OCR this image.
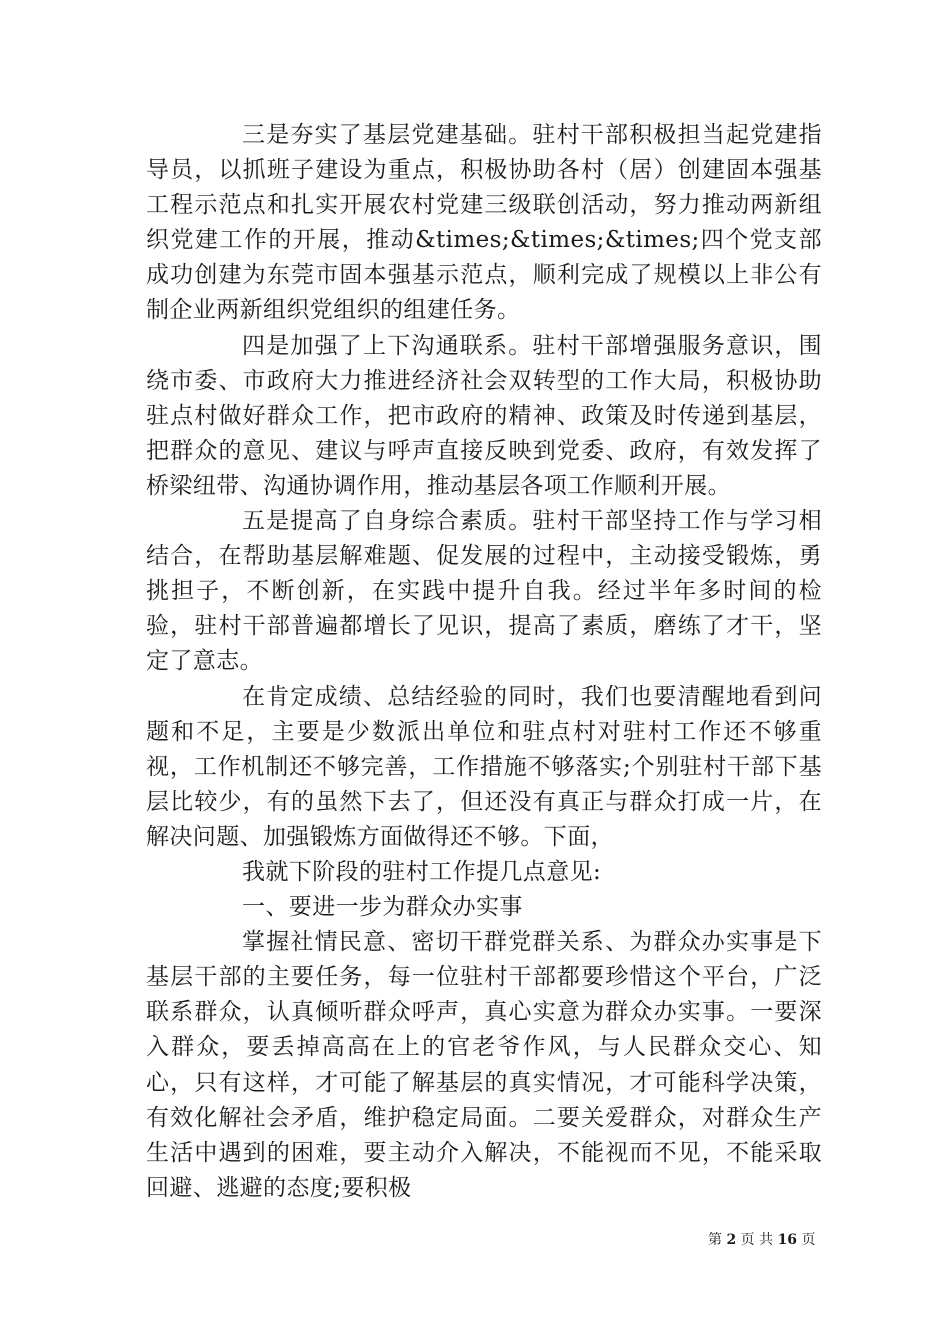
三是夯实了基层党建基础。驻村干部积极担当起党建指导员，以抓班子建设为重点，积极协助各村（居）创建固本强基工程示范点和扎实开展农村党建三级联创活动，努力推动两新组织党建工作的开展，推动&times;&times;&times;四个党支部成功创建为东莞市固本强基示范点，顺利完成了规模以上非公有制企业两新组织党组织的组建任务。

四是加强了上下沟通联系。驻村干部增强服务意识，围绕市委、市政府大力推进经济社会双转型的工作大局，积极协助驻点村做好群众工作，把市政府的精神、政策及时传递到基层，把群众的意见、建议与呼声直接反映到党委、政府，有效发挥了桥梁纽带、沟通协调作用，推动基层各项工作顺利开展。

五是提高了自身综合素质。驻村干部坚持工作与学习相结合，在帮助基层解难题、促发展的过程中，主动接受锻炼，勇挑担子，不断创新，在实践中提升自我。经过半年多时间的检验，驻村干部普遍都增长了见识，提高了素质，磨练了才干，坚定了意志。

在肯定成绩、总结经验的同时，我们也要清醒地看到问题和不足，主要是少数派出单位和驻点村对驻村工作还不够重视，工作机制还不够完善，工作措施不够落实;个别驻村干部下基层比较少，有的虽然下去了，但还没有真正与群众打成一片，在解决问题、加强锻炼方面做得还不够。下面，

我就下阶段的驻村工作提几点意见:

一、要进一步为群众办实事

掌握社情民意、密切干群党群关系、为群众办实事是下基层干部的主要任务，每一位驻村干部都要珍惜这个平台，广泛联系群众，认真倾听群众呼声，真心实意为群众办实事。一要深入群众，要丢掉高高在上的官老爷作风，与人民群众交心、知心，只有这样，才可能了解基层的真实情况，才可能科学决策，有效化解社会矛盾，维护稳定局面。二要关爱群众，对群众生产生活中遇到的困难，要主动介入解决，不能视而不见，不能采取回避、逃避的态度;要积极

第 2 页 共 16 页
